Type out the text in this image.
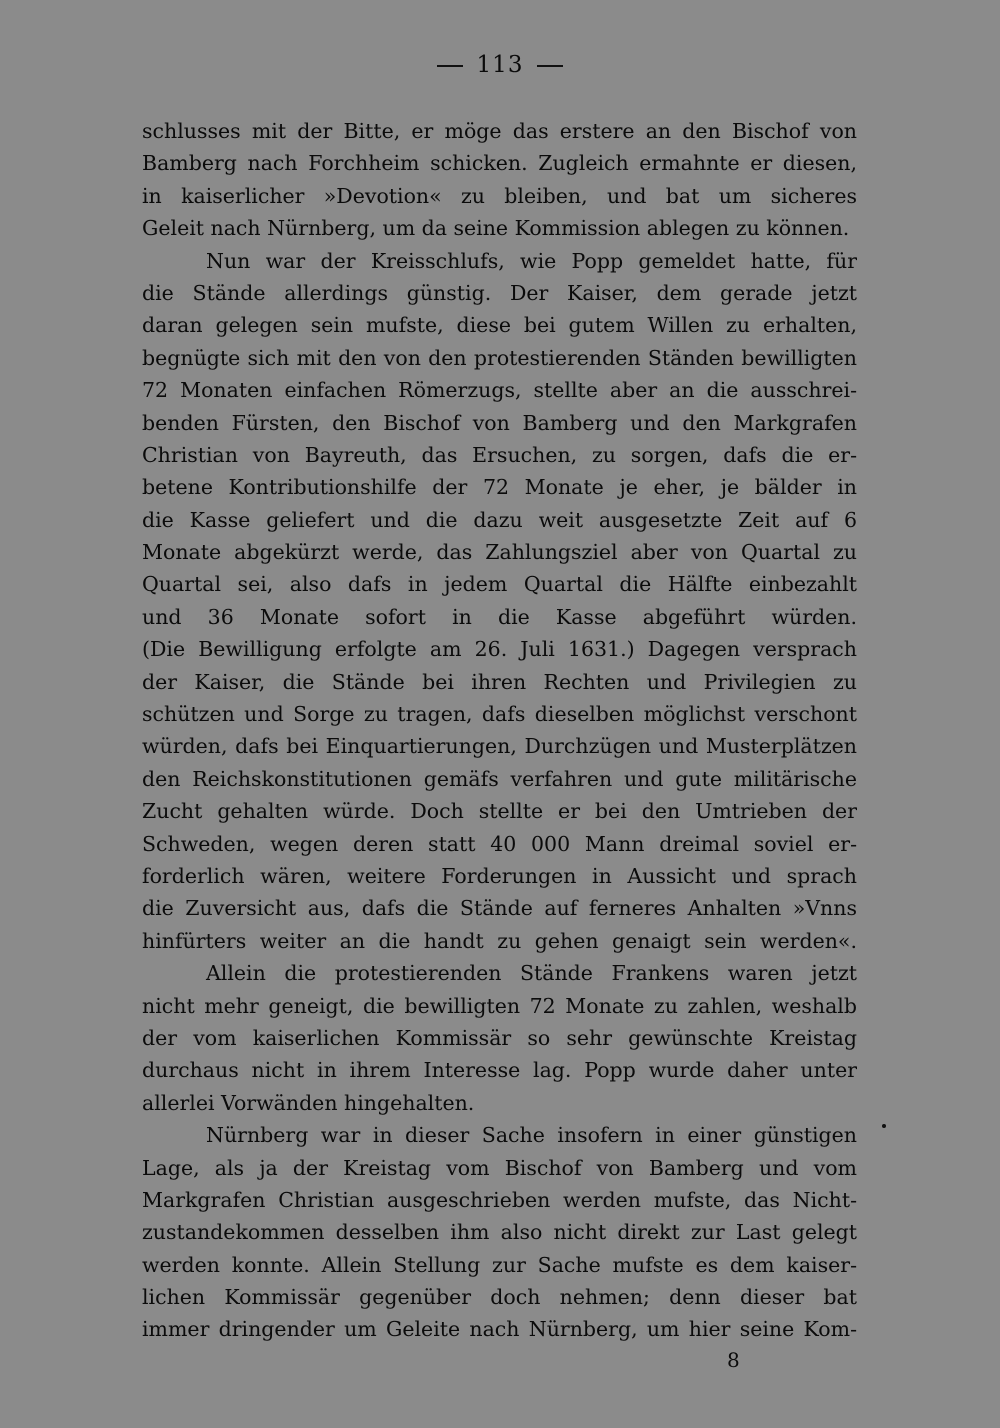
113
schlusses mit der Bitte, er möge das erstere an den Bischof von
Bamberg nach Forchheim schicken. Zugleich ermahnte er diesen,
in kaiserlicher »Devotion« zu bleiben, und bat um sicheres
Geleit nach Nürnberg, um da seine Kommission ablegen zu können.
Nun war der Kreisschlufs, wie Popp gemeldet hatte, für
die Stände allerdings günstig. Der Kaiser, dem gerade jetzt
daran gelegen sein mufste, diese bei gutem Willen zu erhalten,
begnügte sich mit den von den protestierenden Ständen bewilligten
72 Monaten einfachen Römerzugs, stellte aber an die ausschrei-
benden Fürsten, den Bischof von Bamberg und den Markgrafen
Christian von Bayreuth, das Ersuchen, zu sorgen, dafs die er-
betene Kontributionshilfe der 72 Monate je eher, je bälder in
die Kasse geliefert und die dazu weit ausgesetzte Zeit auf 6
Monate abgekürzt werde, das Zahlungsziel aber von Quartal zu
Quartal sei, also dafs in jedem Quartal die Hälfte einbezahlt
und 36 Monate sofort in die Kasse abgeführt würden.
(Die Bewilligung erfolgte am 26. Juli 1631.) Dagegen versprach
der Kaiser, die Stände bei ihren Rechten und Privilegien zu
schützen und Sorge zu tragen, dafs dieselben möglichst verschont
würden, dafs bei Einquartierungen, Durchzügen und Musterplätzen
den Reichskonstitutionen gemäfs verfahren und gute militärische
Zucht gehalten würde. Doch stellte er bei den Umtrieben der
Schweden, wegen deren statt 40 000 Mann dreimal soviel er-
forderlich wären, weitere Forderungen in Aussicht und sprach
die Zuversicht aus, dafs die Stände auf ferneres Anhalten »Vnns
hinfürters weiter an die handt zu gehen genaigt sein werden«.
Allein die protestierenden Stände Frankens waren jetzt
nicht mehr geneigt, die bewilligten 72 Monate zu zahlen, weshalb
der vom kaiserlichen Kommissär so sehr gewünschte Kreistag
durchaus nicht in ihrem Interesse lag. Popp wurde daher unter
allerlei Vorwänden hingehalten.
Nürnberg war in dieser Sache insofern in einer günstigen
Lage, als ja der Kreistag vom Bischof von Bamberg und vom
Markgrafen Christian ausgeschrieben werden mufste, das Nicht-
zustandekommen desselben ihm also nicht direkt zur Last gelegt
werden konnte. Allein Stellung zur Sache mufste es dem kaiser-
lichen Kommissär gegenüber doch nehmen; denn dieser bat
immer dringender um Geleite nach Nürnberg, um hier seine Kom-
8
